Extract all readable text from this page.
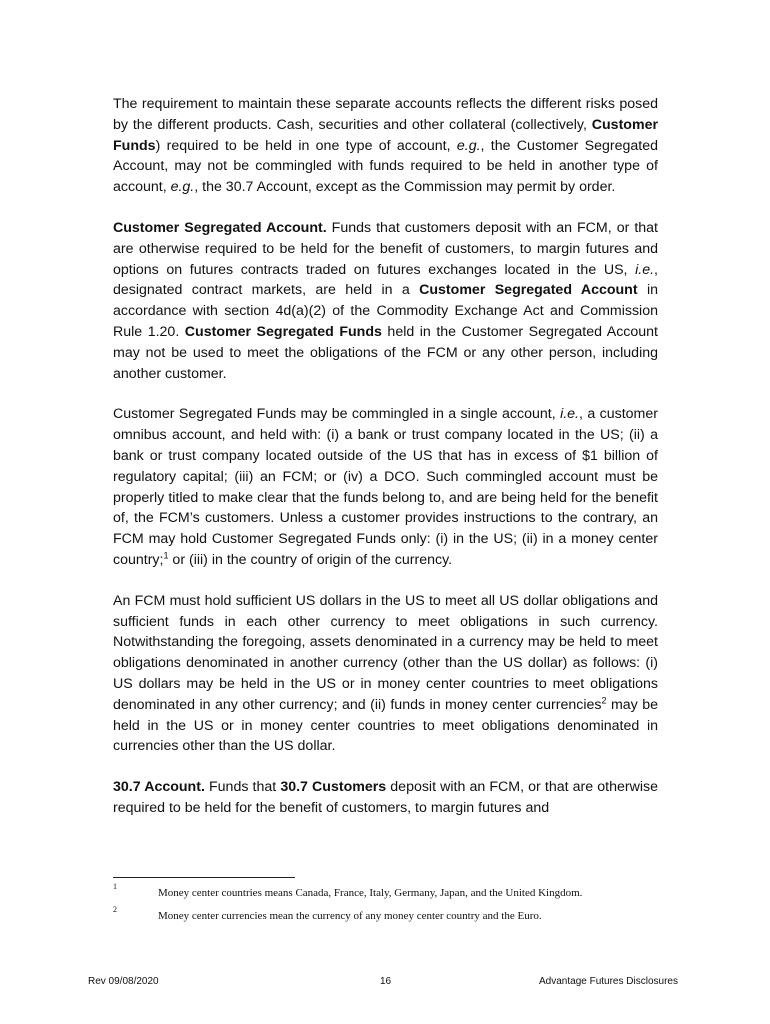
The requirement to maintain these separate accounts reflects the different risks posed by the different products. Cash, securities and other collateral (collectively, Customer Funds) required to be held in one type of account, e.g., the Customer Segregated Account, may not be commingled with funds required to be held in another type of account, e.g., the 30.7 Account, except as the Commission may permit by order.

Customer Segregated Account. Funds that customers deposit with an FCM, or that are otherwise required to be held for the benefit of customers, to margin futures and options on futures contracts traded on futures exchanges located in the US, i.e., designated contract markets, are held in a Customer Segregated Account in accordance with section 4d(a)(2) of the Commodity Exchange Act and Commission Rule 1.20. Customer Segregated Funds held in the Customer Segregated Account may not be used to meet the obligations of the FCM or any other person, including another customer.

Customer Segregated Funds may be commingled in a single account, i.e., a customer omnibus account, and held with: (i) a bank or trust company located in the US; (ii) a bank or trust company located outside of the US that has in excess of $1 billion of regulatory capital; (iii) an FCM; or (iv) a DCO. Such commingled account must be properly titled to make clear that the funds belong to, and are being held for the benefit of, the FCM’s customers. Unless a customer provides instructions to the contrary, an FCM may hold Customer Segregated Funds only: (i) in the US; (ii) in a money center country;$^1$ or (iii) in the country of origin of the currency.

An FCM must hold sufficient US dollars in the US to meet all US dollar obligations and sufficient funds in each other currency to meet obligations in such currency. Notwithstanding the foregoing, assets denominated in a currency may be held to meet obligations denominated in another currency (other than the US dollar) as follows: (i) US dollars may be held in the US or in money center countries to meet obligations denominated in any other currency; and (ii) funds in money center currencies$^2$ may be held in the US or in money center countries to meet obligations denominated in currencies other than the US dollar.

30.7 Account. Funds that 30.7 Customers deposit with an FCM, or that are otherwise required to be held for the benefit of customers, to margin futures and

1
Money center countries means Canada, France, Italy, Germany, Japan, and the United Kingdom.
2
Money center currencies mean the currency of any money center country and the Euro.
Rev 09/08/2020	16	Advantage Futures Disclosures
